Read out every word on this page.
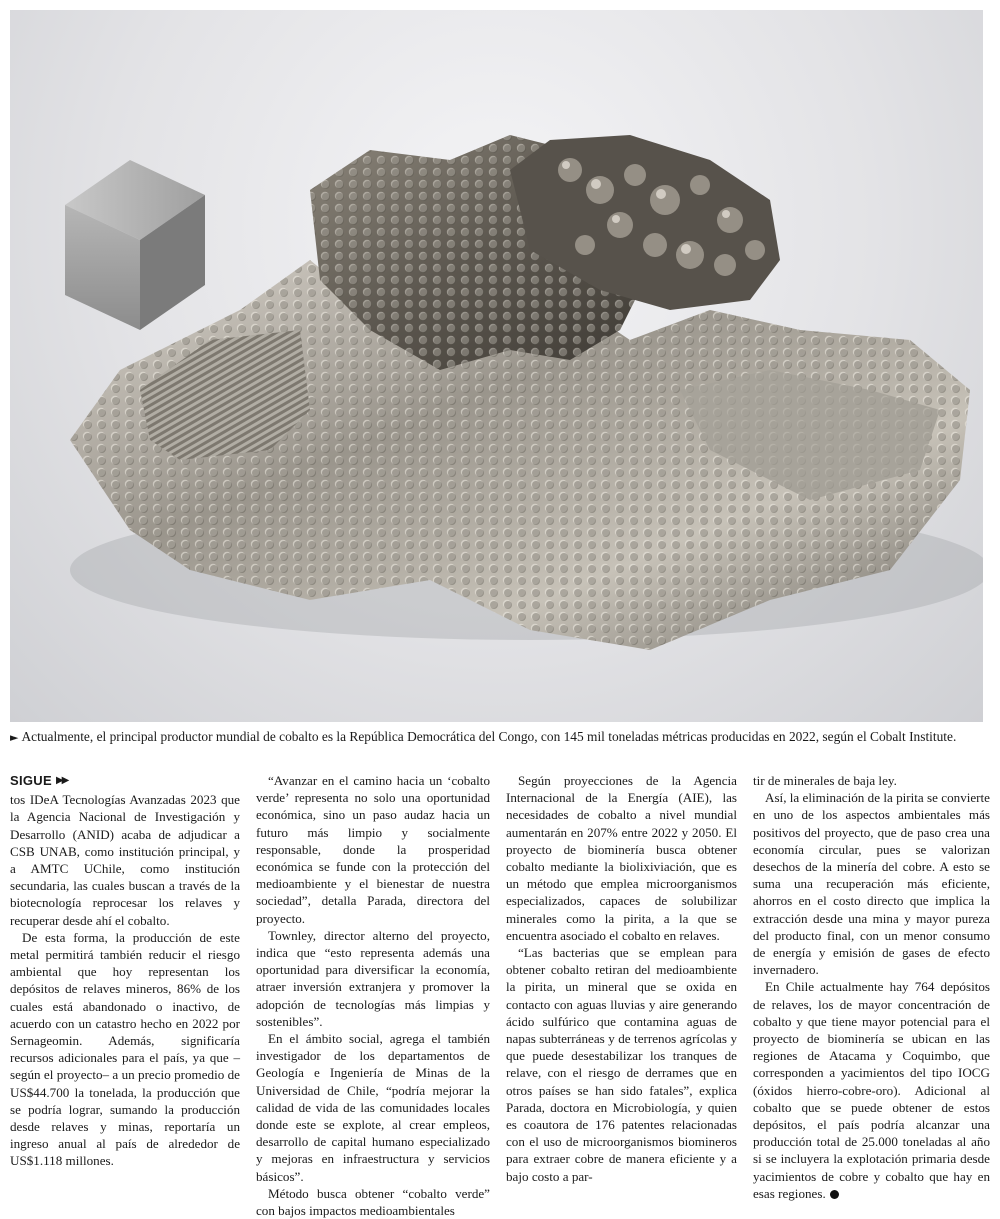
► Actualmente, el principal productor mundial de cobalto es la República Democrática del Congo, con 145 mil toneladas métricas producidas en 2022, según el Cobalt Institute.
SIGUE ▶▶

tos IDeA Tecnologías Avanzadas 2023 que la Agencia Nacional de Investigación y Desarrollo (ANID) acaba de adjudicar a CSB UNAB, como institución principal, y a AMTC UChile, como institución secundaria, las cuales buscan a través de la biotecnología reprocesar los relaves y recuperar desde ahí el cobalto.

De esta forma, la producción de este metal permitirá también reducir el riesgo ambiental que hoy representan los depósitos de relaves mineros, 86% de los cuales está abandonado o inactivo, de acuerdo con un catastro hecho en 2022 por Sernageomin. Además, significaría recursos adicionales para el país, ya que –según el proyecto– a un precio promedio de US$44.700 la tonelada, la producción que se podría lograr, sumando la producción desde relaves y minas, reportaría un ingreso anual al país de alrededor de US$1.118 millones.

“Avanzar en el camino hacia un ‘cobalto verde’ representa no solo una oportunidad económica, sino un paso audaz hacia un futuro más limpio y socialmente responsable, donde la prosperidad económica se funde con la protección del medioambiente y el bienestar de nuestra sociedad”, detalla Parada, directora del proyecto.

Townley, director alterno del proyecto, indica que “esto representa además una oportunidad para diversificar la economía, atraer inversión extranjera y promover la adopción de tecnologías más limpias y sostenibles”.

En el ámbito social, agrega el también investigador de los departamentos de Geología e Ingeniería de Minas de la Universidad de Chile, “podría mejorar la calidad de vida de las comunidades locales donde este se explote, al crear empleos, desarrollo de capital humano especializado y mejoras en infraestructura y servicios básicos”.

Método busca obtener “cobalto verde” con bajos impactos medioambientales

Según proyecciones de la Agencia Internacional de la Energía (AIE), las necesidades de cobalto a nivel mundial aumentarán en 207% entre 2022 y 2050. El proyecto de biominería busca obtener cobalto mediante la biolixiviación, que es un método que emplea microorganismos especializados, capaces de solubilizar minerales como la pirita, a la que se encuentra asociado el cobalto en relaves.

“Las bacterias que se emplean para obtener cobalto retiran del medioambiente la pirita, un mineral que se oxida en contacto con aguas lluvias y aire generando ácido sulfúrico que contamina aguas de napas subterráneas y de terrenos agrícolas y que puede desestabilizar los tranques de relave, con el riesgo de derrames que en otros países se han sido fatales”, explica Parada, doctora en Microbiología, y quien es coautora de 176 patentes relacionadas con el uso de microorganismos biomineros para extraer cobre de manera eficiente y a bajo costo a par-

tir de minerales de baja ley.

Así, la eliminación de la pirita se convierte en uno de los aspectos ambientales más positivos del proyecto, que de paso crea una economía circular, pues se valorizan desechos de la minería del cobre. A esto se suma una recuperación más eficiente, ahorros en el costo directo que implica la extracción desde una mina y mayor pureza del producto final, con un menor consumo de energía y emisión de gases de efecto invernadero.

En Chile actualmente hay 764 depósitos de relaves, los de mayor concentración de cobalto y que tiene mayor potencial para el proyecto de biominería se ubican en las regiones de Atacama y Coquimbo, que corresponden a yacimientos del tipo IOCG (óxidos hierro-cobre-oro). Adicional al cobalto que se puede obtener de estos depósitos, el país podría alcanzar una producción total de 25.000 toneladas al año si se incluyera la explotación primaria desde yacimientos de cobre y cobalto que hay en esas regiones.
